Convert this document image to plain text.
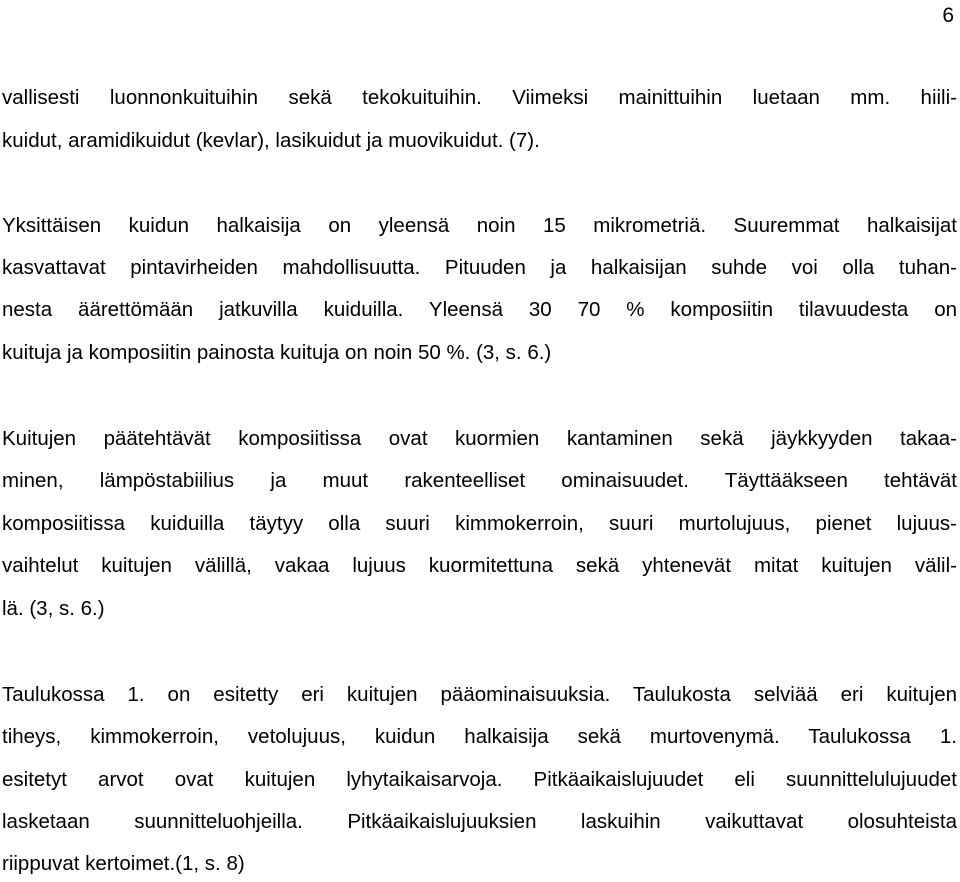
6
vallisesti luonnonkuituihin sekä tekokuituihin. Viimeksi mainittuihin luetaan mm. hiili-
kuidut, aramidikuidut (kevlar), lasikuidut ja muovikuidut. (7).
Yksittäisen kuidun halkaisija on yleensä noin 15 mikrometriä. Suuremmat halkaisijat
kasvattavat pintavirheiden mahdollisuutta. Pituuden ja halkaisijan suhde voi olla tuhan-
nesta äärettömään jatkuvilla kuiduilla. Yleensä 30 70 % komposiitin tilavuudesta on
kuituja ja komposiitin painosta kuituja on noin 50 %. (3, s. 6.)
Kuitujen päätehtävät komposiitissa ovat kuormien kantaminen sekä jäykkyyden takaa-
minen, lämpöstabiilius ja muut rakenteelliset ominaisuudet. Täyttääkseen tehtävät
komposiitissa kuiduilla täytyy olla suuri kimmokerroin, suuri murtolujuus, pienet lujuus-
vaihtelut kuitujen välillä, vakaa lujuus kuormitettuna sekä yhtenevät mitat kuitujen välil-
lä. (3, s. 6.)
Taulukossa 1. on esitetty eri kuitujen pääominaisuuksia. Taulukosta selviää eri kuitujen
tiheys, kimmokerroin, vetolujuus, kuidun halkaisija sekä murtovenymä. Taulukossa 1.
esitetyt arvot ovat kuitujen lyhytaikaisarvoja. Pitkäaikaislujuudet eli suunnittelulujuudet
lasketaan suunnitteluohjeilla. Pitkäaikaislujuuksien laskuihin vaikuttavat olosuhteista
riippuvat kertoimet.(1, s. 8)
